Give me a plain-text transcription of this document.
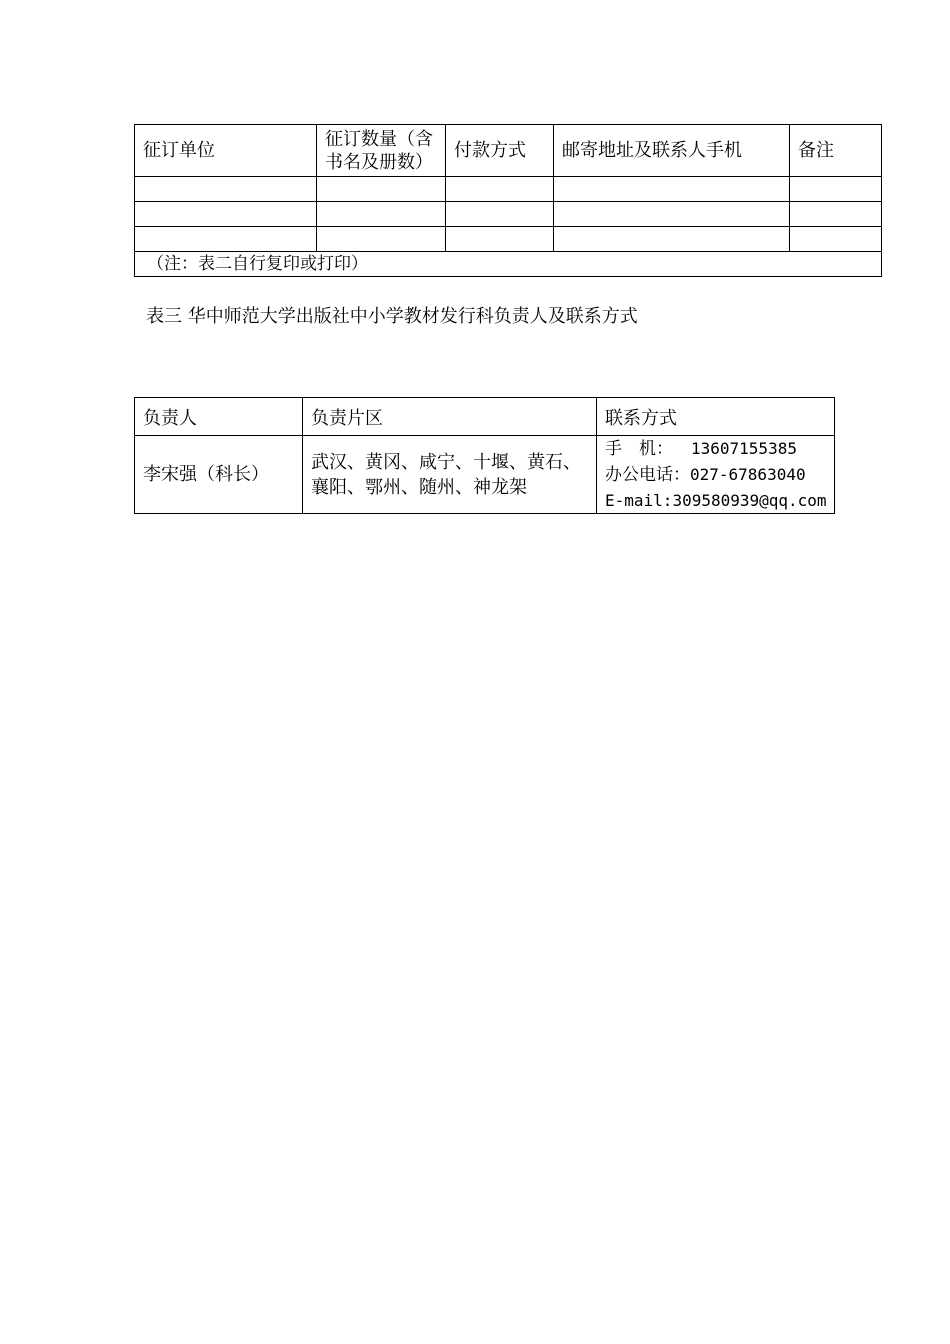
征订单位	征订数量（含书名及册数）	付款方式	邮寄地址及联系人手机	备注

（注：表二自行复印或打印）				
表三 华中师范大学出版社中小学教材发行科负责人及联系方式
负责人	负责片区	联系方式
李宋强（科长）	武汉、黄冈、咸宁、十堰、黄石、襄阳、鄂州、随州、神龙架	手　机： 13607155385
办公电话：027-67863040
E-mail:309580939@qq.com
